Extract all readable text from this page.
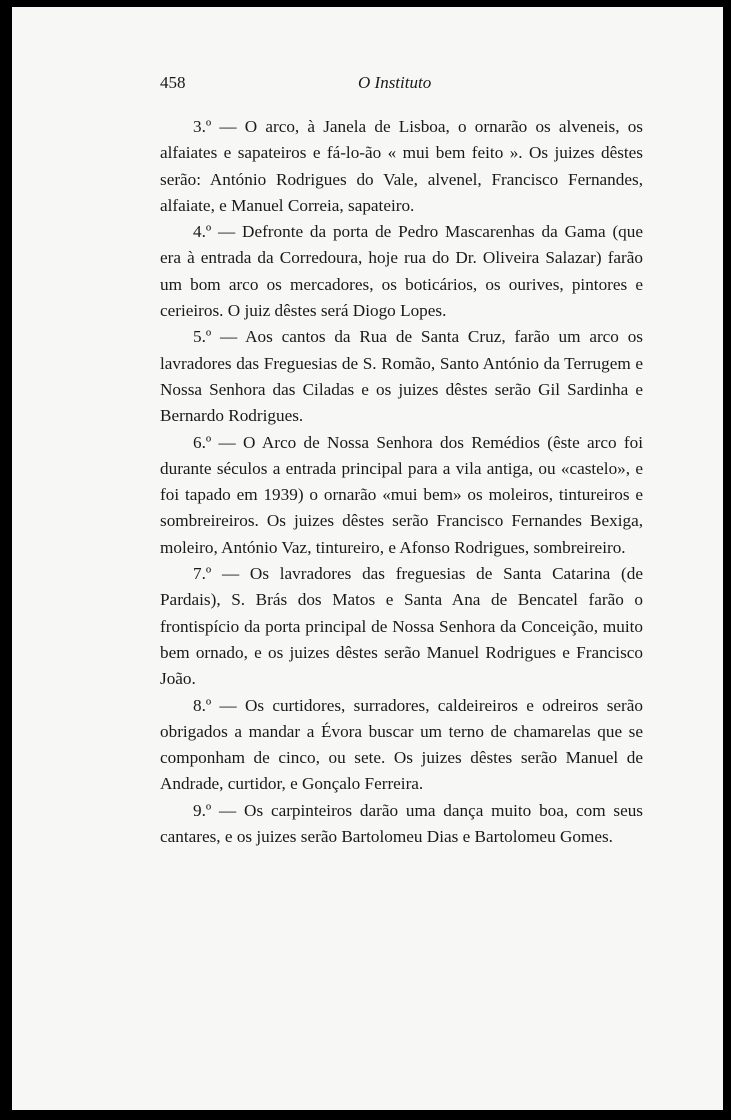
458	O Instituto

3.º — O arco, à Janela de Lisboa, o ornarão os alveneis, os alfaiates e sapateiros e fá-lo-ão « mui bem feito ». Os juizes dêstes serão: António Rodrigues do Vale, alvenel, Francisco Fernandes, alfaiate, e Manuel Correia, sapateiro.

4.º — Defronte da porta de Pedro Mascarenhas da Gama (que era à entrada da Corredoura, hoje rua do Dr. Oliveira Salazar) farão um bom arco os mercadores, os boticários, os ourives, pintores e cerieiros. O juiz dêstes será Diogo Lopes.

5.º — Aos cantos da Rua de Santa Cruz, farão um arco os lavradores das Freguesias de S. Romão, Santo António da Terrugem e Nossa Senhora das Ciladas e os juizes dêstes serão Gil Sardinha e Bernardo Rodrigues.

6.º — O Arco de Nossa Senhora dos Remédios (êste arco foi durante séculos a entrada principal para a vila antiga, ou «castelo», e foi tapado em 1939) o ornarão «mui bem» os moleiros, tintureiros e sombreireiros. Os juizes dêstes serão Francisco Fernandes Bexiga, moleiro, António Vaz, tintureiro, e Afonso Rodrigues, sombreireiro.

7.º — Os lavradores das freguesias de Santa Catarina (de Pardais), S. Brás dos Matos e Santa Ana de Bencatel farão o frontispício da porta principal de Nossa Senhora da Conceição, muito bem ornado, e os juizes dêstes serão Manuel Rodrigues e Francisco João.

8.º — Os curtidores, surradores, caldeireiros e odreiros serão obrigados a mandar a Évora buscar um terno de chamarelas que se componham de cinco, ou sete. Os juizes dêstes serão Manuel de Andrade, curtidor, e Gonçalo Ferreira.

9.º — Os carpinteiros darão uma dança muito boa, com seus cantares, e os juizes serão Bartolomeu Dias e Bartolomeu Gomes.
